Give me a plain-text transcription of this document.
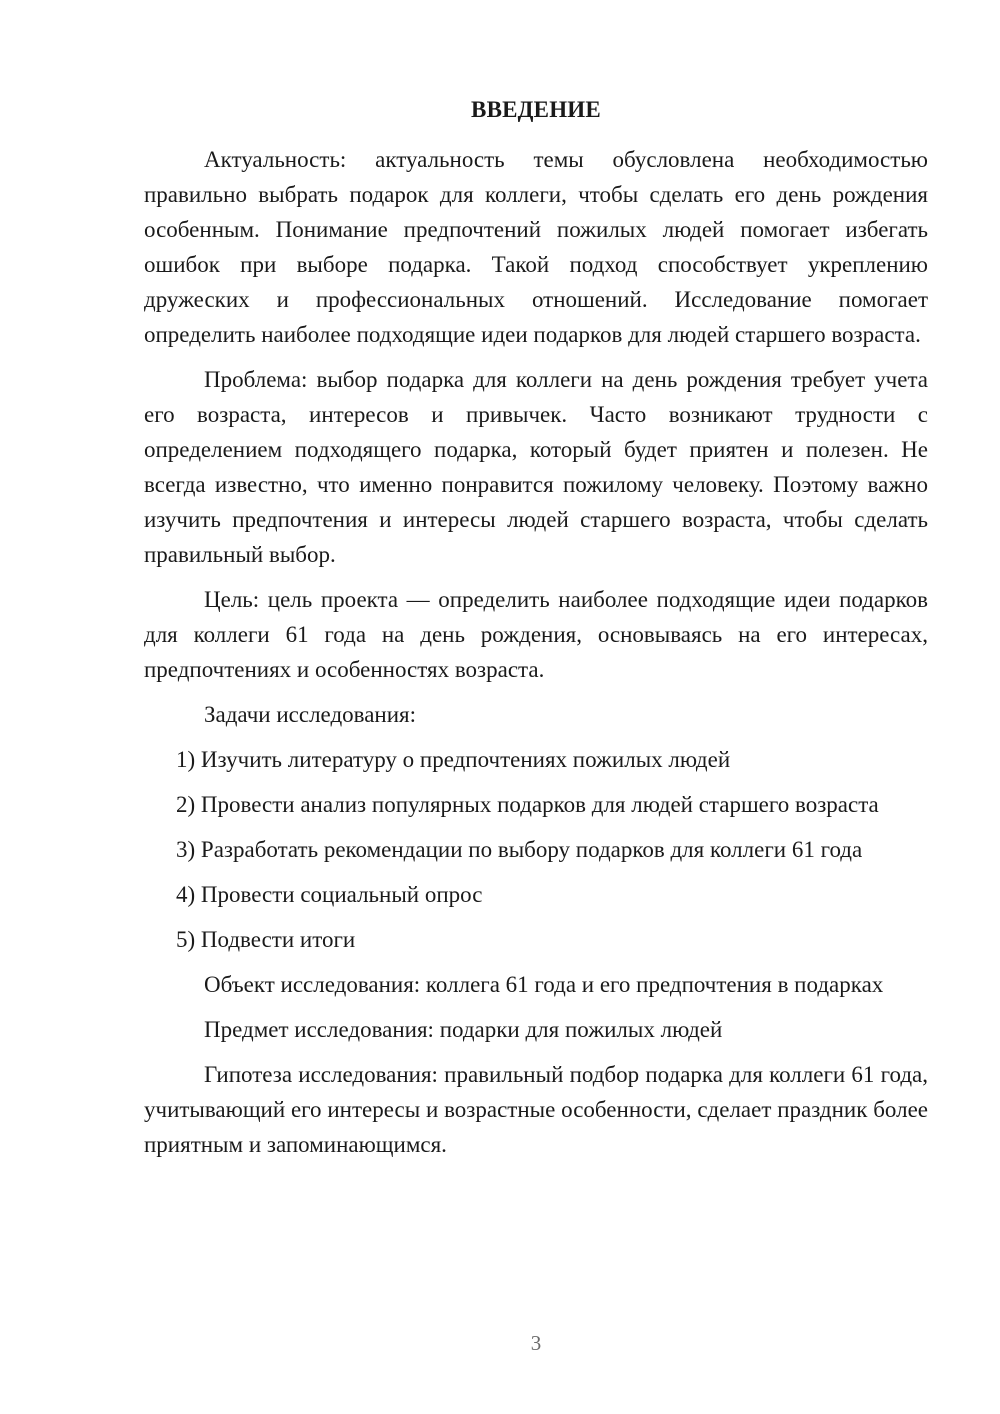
ВВЕДЕНИЕ

Актуальность: актуальность темы обусловлена необходимостью правильно выбрать подарок для коллеги, чтобы сделать его день рождения особенным. Понимание предпочтений пожилых людей помогает избегать ошибок при выборе подарка. Такой подход способствует укреплению дружеских и профессиональных отношений. Исследование помогает определить наиболее подходящие идеи подарков для людей старшего возраста.

Проблема: выбор подарка для коллеги на день рождения требует учета его возраста, интересов и привычек. Часто возникают трудности с определением подходящего подарка, который будет приятен и полезен. Не всегда известно, что именно понравится пожилому человеку. Поэтому важно изучить предпочтения и интересы людей старшего возраста, чтобы сделать правильный выбор.

Цель: цель проекта — определить наиболее подходящие идеи подарков для коллеги 61 года на день рождения, основываясь на его интересах, предпочтениях и особенностях возраста.

Задачи исследования:

1) Изучить литературу о предпочтениях пожилых людей

2) Провести анализ популярных подарков для людей старшего возраста

3) Разработать рекомендации по выбору подарков для коллеги 61 года

4) Провести социальный опрос

5) Подвести итоги

Объект исследования: коллега 61 года и его предпочтения в подарках

Предмет исследования: подарки для пожилых людей

Гипотеза исследования: правильный подбор подарка для коллеги 61 года, учитывающий его интересы и возрастные особенности, сделает праздник более приятным и запоминающимся.

3
